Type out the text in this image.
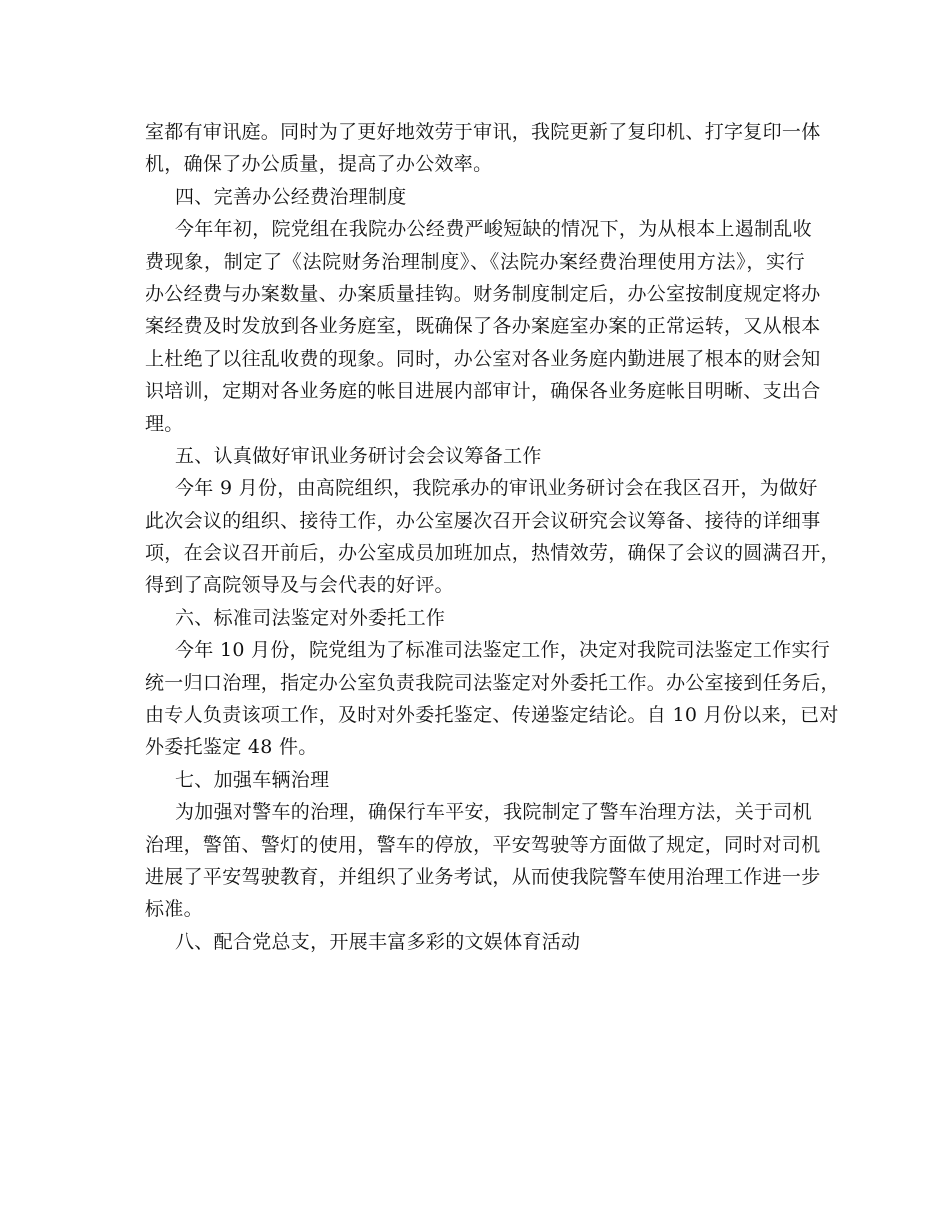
室都有审讯庭。同时为了更好地效劳于审讯，我院更新了复印机、打字复印一体
机，确保了办公质量，提高了办公效率。
四、完善办公经费治理制度
今年年初，院党组在我院办公经费严峻短缺的情况下，为从根本上遏制乱收
费现象，制定了《法院财务治理制度》、《法院办案经费治理使用方法》，实行
办公经费与办案数量、办案质量挂钩。财务制度制定后，办公室按制度规定将办
案经费及时发放到各业务庭室，既确保了各办案庭室办案的正常运转，又从根本
上杜绝了以往乱收费的现象。同时，办公室对各业务庭内勤进展了根本的财会知
识培训，定期对各业务庭的帐目进展内部审计，确保各业务庭帐目明晰、支出合
理。
五、认真做好审讯业务研讨会会议筹备工作
今年 9 月份，由高院组织，我院承办的审讯业务研讨会在我区召开，为做好
此次会议的组织、接待工作，办公室屡次召开会议研究会议筹备、接待的详细事
项，在会议召开前后，办公室成员加班加点，热情效劳，确保了会议的圆满召开，
得到了高院领导及与会代表的好评。
六、标准司法鉴定对外委托工作
今年 10 月份，院党组为了标准司法鉴定工作，决定对我院司法鉴定工作实行
统一归口治理，指定办公室负责我院司法鉴定对外委托工作。办公室接到任务后，
由专人负责该项工作，及时对外委托鉴定、传递鉴定结论。自 10 月份以来，已对
外委托鉴定 48 件。
七、加强车辆治理
为加强对警车的治理，确保行车平安，我院制定了警车治理方法，关于司机
治理，警笛、警灯的使用，警车的停放，平安驾驶等方面做了规定，同时对司机
进展了平安驾驶教育，并组织了业务考试，从而使我院警车使用治理工作进一步
标准。
八、配合党总支，开展丰富多彩的文娱体育活动
